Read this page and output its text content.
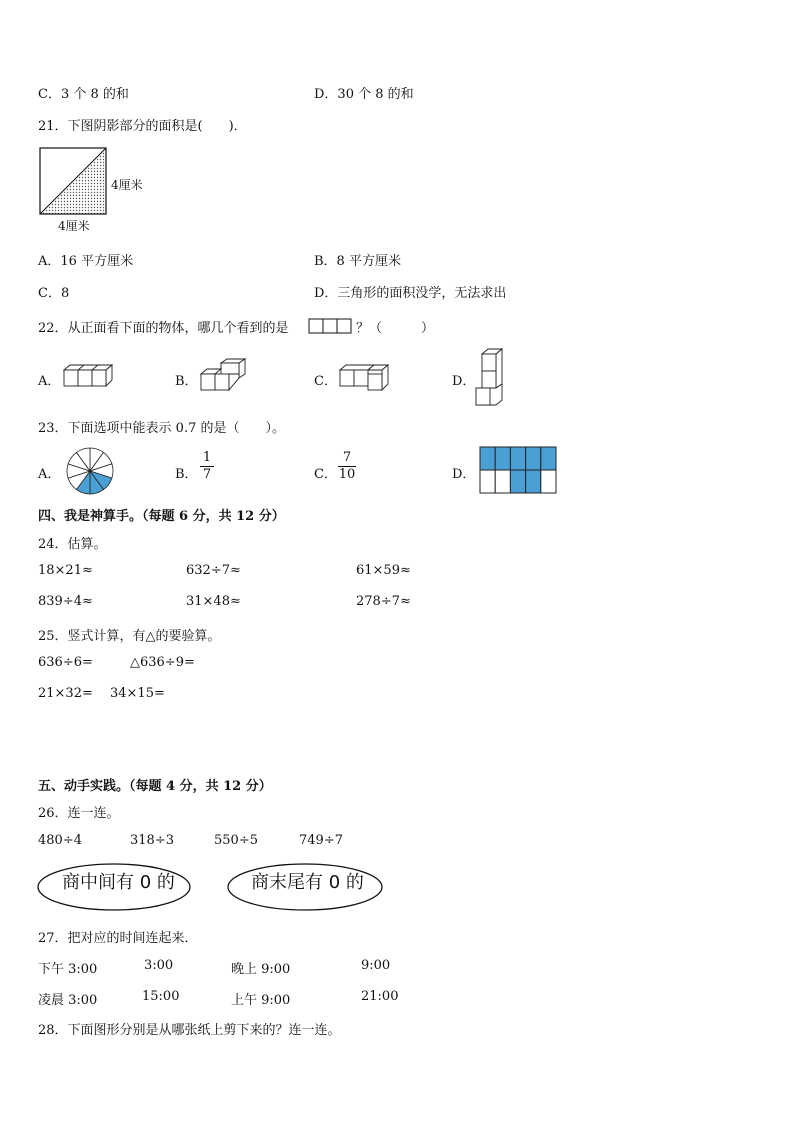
C．3 个 8 的和	D．30 个 8 的和
21．下图阴影部分的面积是(　　)．
4厘米
4厘米
A．16 平方厘米	B．8 平方厘米
C．8	D．三角形的面积没学，无法求出
22．从正面看下面的物体，哪几个看到的是	？（　　　）
A．	B．	C．	D．
23．下面选项中能表示 0.7 的是（　　）。
A．	B．
1
7	C．
7
10	D．
四、我是神算手。（每题 6 分，共 12 分）
24．估算。
18×21≈	632÷7≈	61×59≈
839÷4≈	31×48≈	278÷7≈
25．竖式计算，有△的要验算。
636÷6=	△636÷9=
21×32= 34×15=
五、动手实践。（每题 4 分，共 12 分）
26．连一连。
480÷4	318÷3	550÷5	749÷7
商中间有 0 的	商末尾有 0 的
27．把对应的时间连起来．
下午 3:00	3:00	晚上 9:00	9:00
凌晨 3:00	15:00	上午 9:00	21:00
28．下面图形分别是从哪张纸上剪下来的？连一连。
